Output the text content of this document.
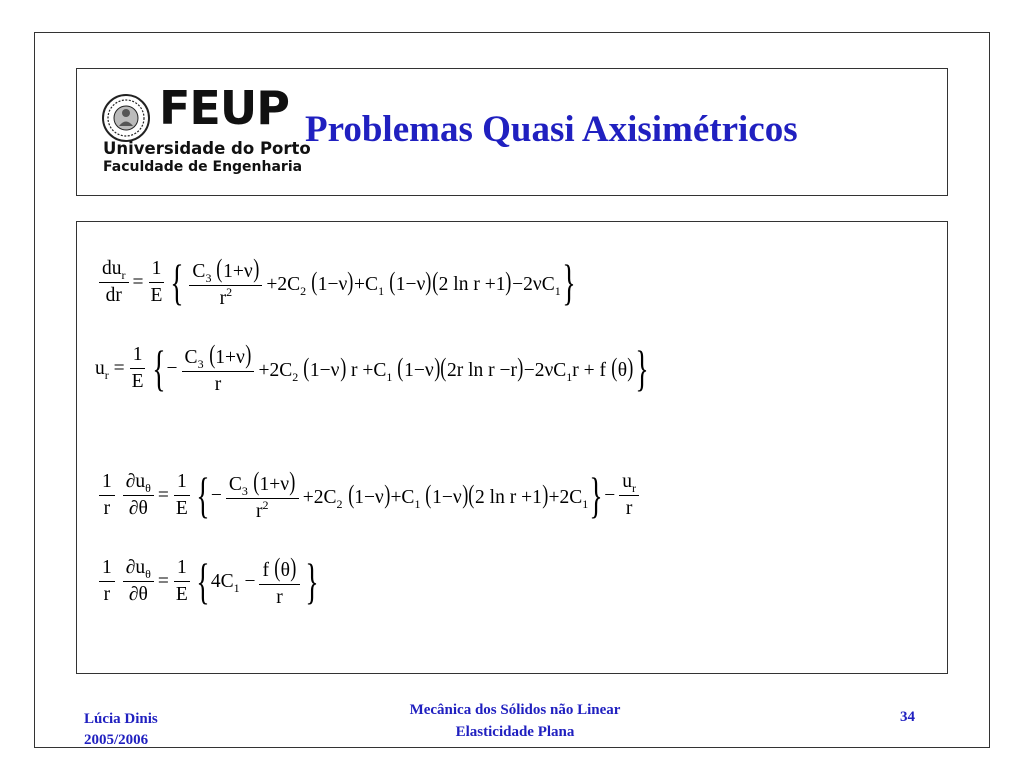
FEUP
Universidade do Porto
Faculdade de Engenharia
Problemas Quasi Axisimétricos
$\frac{du_r}{dr} = \frac{1}{E}$ { $\frac{C_3 (1+\nu)}{r^2} +2C_2$ $(1-\nu)+C_1$ (1−ν)(2 $\ln r +1)-2\nu C_1$ }
$u_r = \frac{1}{E}$ { − $\frac{C_3 (1+\nu)}{r} +2C_2$ (1−ν) $r +C_1$ (1−ν)(2r $\ln r -r)-2\nu C_1r + f$ (θ) }
$\frac{1}{r} \frac{\partial u_\theta}{\partial\theta} = \frac{1}{E}$ { − $\frac{C_3 (1+\nu)}{r^2} +2C_2$ $(1-\nu)+C_1$ (1−ν)(2 $\ln r +1)+2C_1$ } − $\frac{u_r}{r}$
$\frac{1}{r} \frac{\partial u_\theta}{\partial\theta} = \frac{1}{E}$ { $4C_1 - \frac{f (\theta)}{r}$ }
Lúcia Dinis
2005/2006
Mecânica dos Sólidos não Linear
Elasticidade Plana
34
